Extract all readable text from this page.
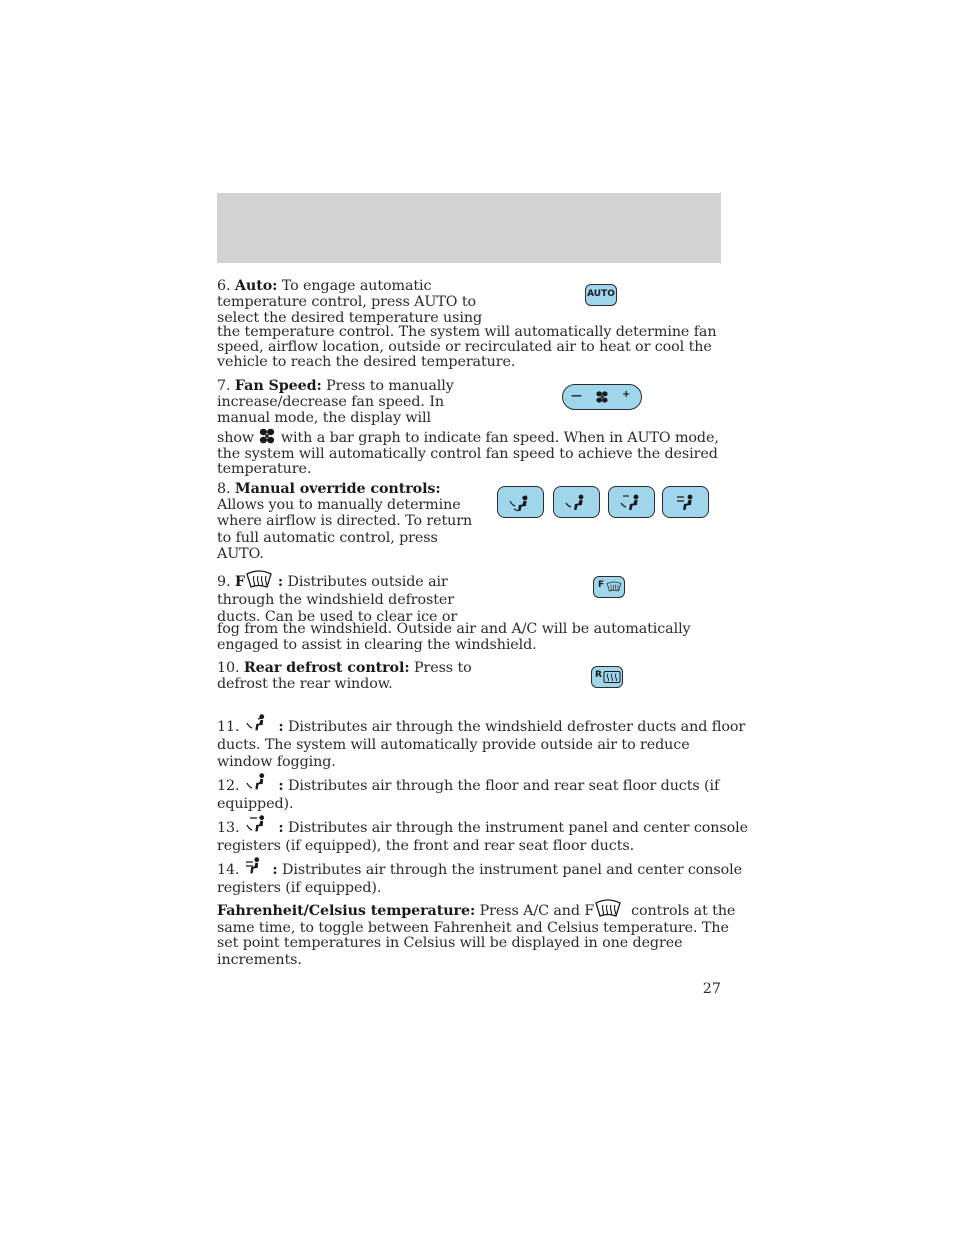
6. Auto: To engage automatic
temperature control, press AUTO to
select the desired temperature using
the temperature control. The system will automatically determine fan
speed, airflow location, outside or recirculated air to heat or cool the
vehicle to reach the desired temperature.
AUTO
7. Fan Speed: Press to manually
increase/decrease fan speed. In
manual mode, the display will
show with a bar graph to indicate fan speed. When in AUTO mode,
the system will automatically control fan speed to achieve the desired
temperature.
—	+
8. Manual override controls:
Allows you to manually determine
where airflow is directed. To return
to full automatic control, press
AUTO.
9. F : Distributes outside air
through the windshield defroster
ducts. Can be used to clear ice or
fog from the windshield. Outside air and A/C will be automatically
engaged to assist in clearing the windshield.
F
10. Rear defrost control: Press to
defrost the rear window.
R
11.	: Distributes air through the windshield defroster ducts and floor
ducts. The system will automatically provide outside air to reduce
window fogging.
12.	: Distributes air through the floor and rear seat floor ducts (if
equipped).
13.	: Distributes air through the instrument panel and center console
registers (if equipped), the front and rear seat floor ducts.
14. : Distributes air through the instrument panel and center console
registers (if equipped).
Fahrenheit/Celsius temperature: Press A/C and F	controls at the
same time, to toggle between Fahrenheit and Celsius temperature. The
set point temperatures in Celsius will be displayed in one degree
increments.
27
